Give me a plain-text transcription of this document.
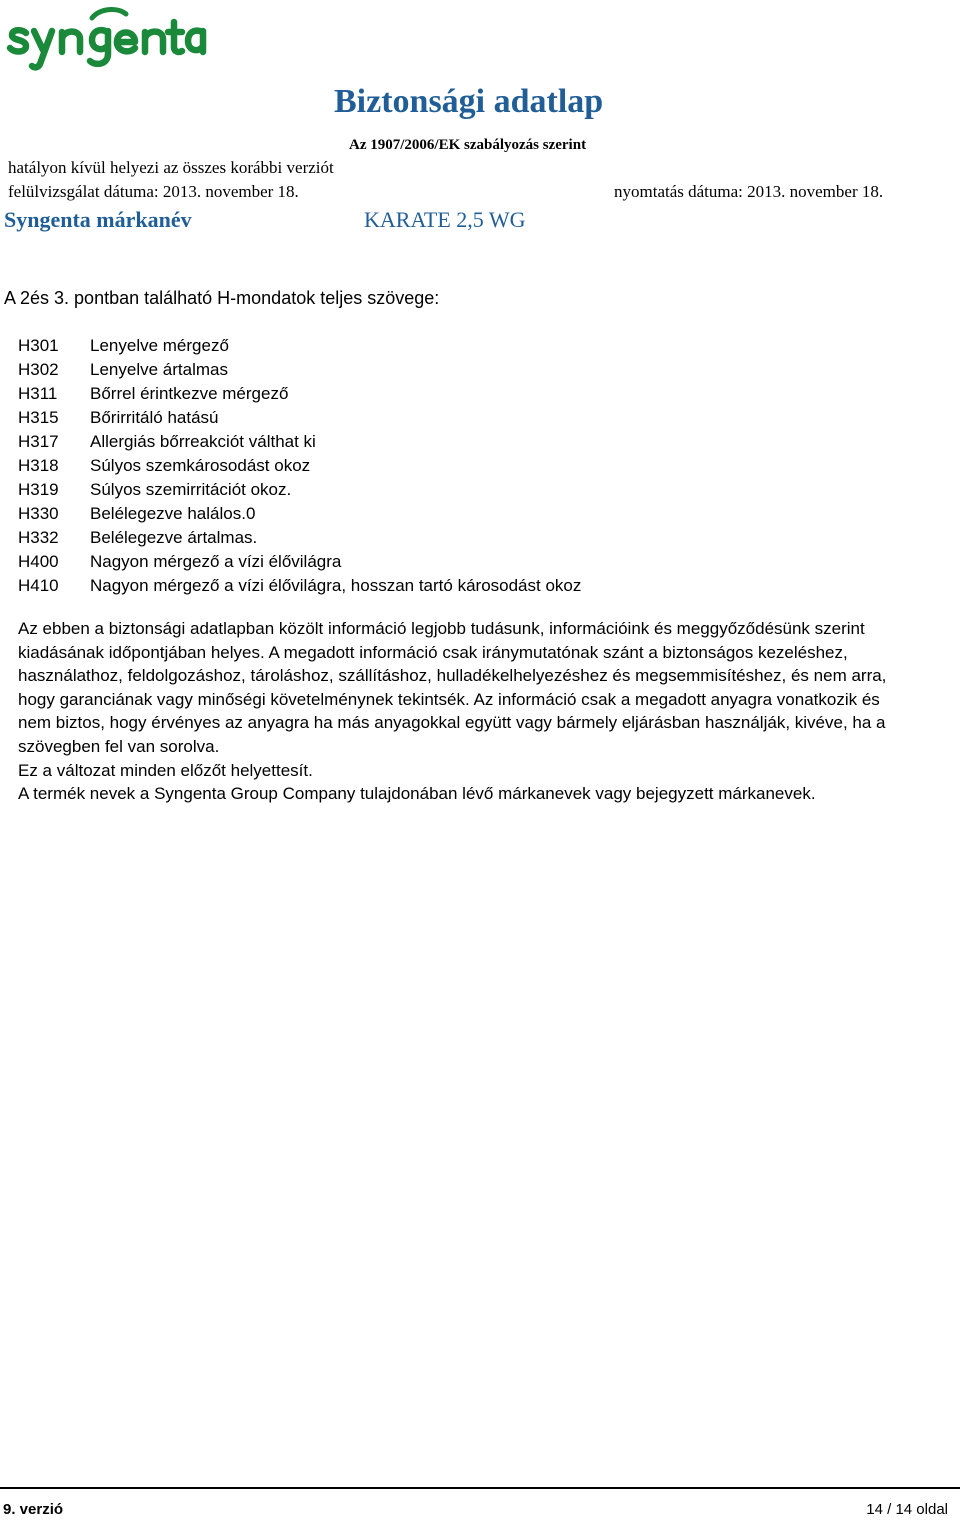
Biztonsági adatlap
Az 1907/2006/EK szabályozás szerint
hatályon kívül helyezi az összes korábbi verziót
felülvizsgálat dátuma: 2013. november 18.	nyomtatás dátuma: 2013. november 18.
Syngenta márkanév	KARATE 2,5 WG
A 2és 3. pontban található H-mondatok teljes szövege:
H301	Lenyelve mérgező
H302	Lenyelve ártalmas
H311	Bőrrel érintkezve mérgező
H315	Bőrirritáló hatású
H317	Allergiás bőrreakciót válthat ki
H318	Súlyos szemkárosodást okoz
H319	Súlyos szemirritációt okoz.
H330	Belélegezve halálos.0
H332	Belélegezve ártalmas.
H400	Nagyon mérgező a vízi élővilágra
H410	Nagyon mérgező a vízi élővilágra, hosszan tartó károsodást okoz

Az ebben a biztonsági adatlapban közölt információ legjobb tudásunk, információink és meggyőződésünk szerint kiadásának időpontjában helyes. A megadott információ csak iránymutatónak szánt a biztonságos kezeléshez, használathoz, feldolgozáshoz, tároláshoz, szállításhoz, hulladékelhelyezéshez és megsemmisítéshez, és nem arra, hogy garanciának vagy minőségi követelménynek tekintsék. Az információ csak a megadott anyagra vonatkozik és nem biztos, hogy érvényes az anyagra ha más anyagokkal együtt vagy bármely eljárásban használják, kivéve, ha a szövegben fel van sorolva.

Ez a változat minden előzőt helyettesít.

A termék nevek a Syngenta Group Company tulajdonában lévő márkanevek vagy bejegyzett márkanevek.

9. verzió	14 / 14 oldal
